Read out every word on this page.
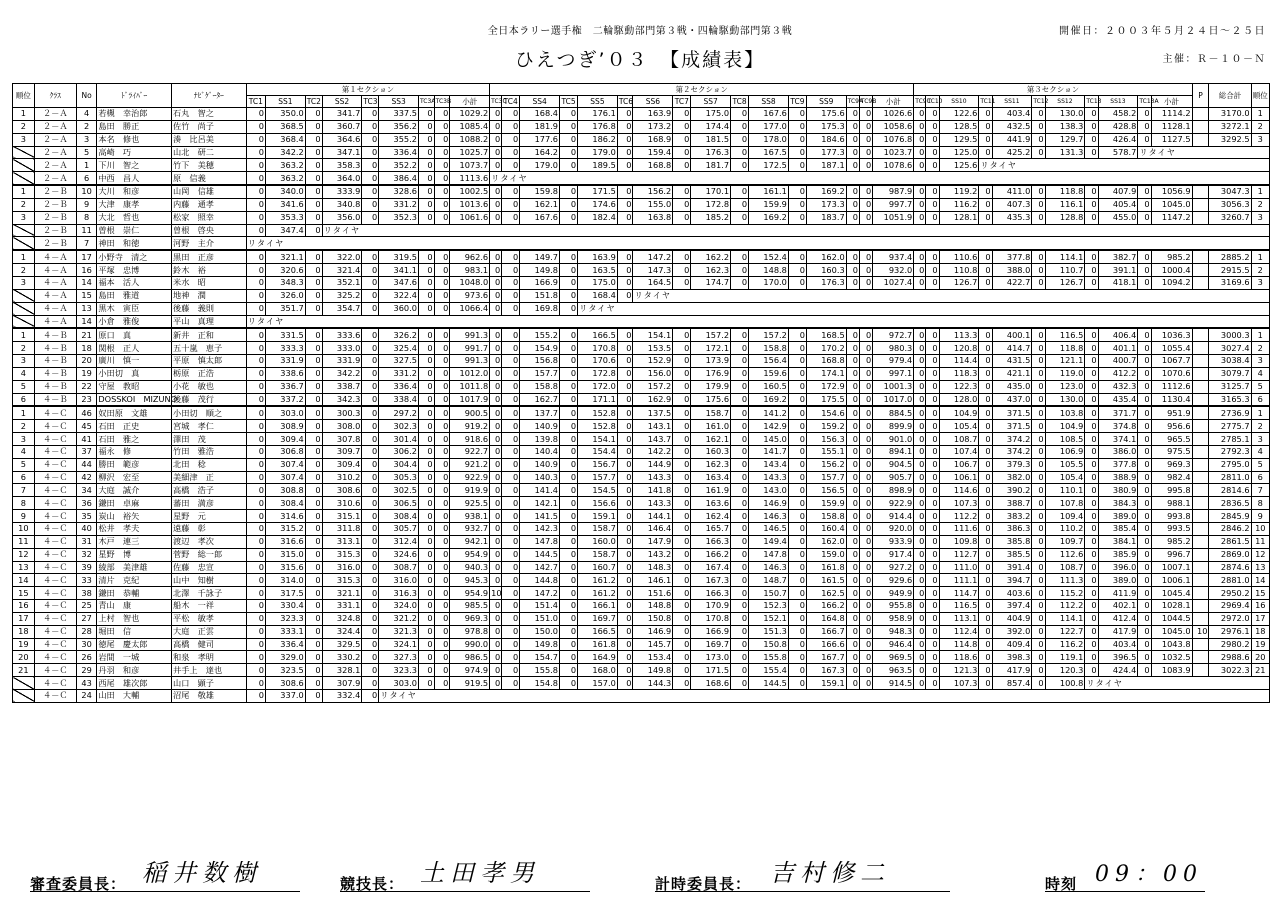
全日本ラリー選手権　二輪駆動部門第３戦・四輪駆動部門第３戦	開催日：２００３年５月２４日～２５日
ひえつぎ’０３　【成績表】	主催：Ｒ－１０－Ｎ
順位	ｸﾗｽ	No	ﾄﾞﾗｲﾊﾞｰ	ﾅﾋﾞｹﾞｰﾀｰ	第１セクション									第２セクション																第３セクション											P	総合計	順位
					TC1	SS1	TC2	SS2	TC3	SS3	TC3A	TC3B	小計	TC3C	TC4	SS4	TC5	SS5	TC6	SS6	TC7	SS7	TC8	SS8	TC9	SS9	TC9A	TC9B	小計	TC9C	TC10	SS10	TC11	SS11	TC12	SS12	TC13	SS13	TC13A	小計			
1	２－Ａ	4	若槻　幸治郎	石丸　智之	0	350.0	0	341.7	0	337.5	0	0	1029.2	0	0	168.4	0	176.1	0	163.9	0	175.0	0	167.6	0	175.6	0	0	1026.6	0	0	122.6	0	403.4	0	130.0	0	458.2	0	1114.2		3170.0	1
2	２－Ａ	2	島田　勝正	佐竹　尚子	0	368.5	0	360.7	0	356.2	0	0	1085.4	0	0	181.9	0	176.8	0	173.2	0	174.4	0	177.0	0	175.3	0	0	1058.6	0	0	128.5	0	432.5	0	138.3	0	428.8	0	1128.1		3272.1	2
3	２－Ａ	3	本名　修也	湊　比呂美	0	368.4	0	364.6	0	355.2	0	0	1088.2	0	0	177.6	0	186.2	0	168.9	0	181.5	0	178.0	0	184.6	0	0	1076.8	0	0	129.5	0	441.9	0	129.7	0	426.4	0	1127.5		3292.5	3
	２－Ａ	5	高崎　巧	山北　研二	0	342.2	0	347.1	0	336.4	0	0	1025.7	0	0	164.2	0	179.0	0	159.4	0	176.3	0	167.5	0	177.3	0	0	1023.7	0	0	125.0	0	425.2	0	131.3	0	578.7	リタイヤ				
	２－Ａ	1	下川　智之	竹下　美穂	0	363.2	0	358.3	0	352.2	0	0	1073.7	0	0	179.0	0	189.5	0	168.8	0	181.7	0	172.5	0	187.1	0	0	1078.6	0	0	125.6	リタイヤ										
	２－Ａ	6	中西　昌人	原　信義	0	363.2	0	364.0	0	386.4	0	0	1113.6	リタイヤ																													
1	２－Ｂ	10	大川　和彦	山岡　信雄	0	340.0	0	333.9	0	328.6	0	0	1002.5	0	0	159.8	0	171.5	0	156.2	0	170.1	0	161.1	0	169.2	0	0	987.9	0	0	119.2	0	411.0	0	118.8	0	407.9	0	1056.9		3047.3	1
2	２－Ｂ	9	大津　康孝	内藤　通孝	0	341.6	0	340.8	0	331.2	0	0	1013.6	0	0	162.1	0	174.6	0	155.0	0	172.8	0	159.9	0	173.3	0	0	997.7	0	0	116.2	0	407.3	0	116.1	0	405.4	0	1045.0		3056.3	2
3	２－Ｂ	8	大北　哲也	松家　照幸	0	353.3	0	356.0	0	352.3	0	0	1061.6	0	0	167.6	0	182.4	0	163.8	0	185.2	0	169.2	0	183.7	0	0	1051.9	0	0	128.1	0	435.3	0	128.8	0	455.0	0	1147.2		3260.7	3
	２－Ｂ	11	曽根　崇仁	曽根　啓央	0	347.4	0	リタイヤ																																			
	２－Ｂ	7	神田　和徳	河野　主介	リタイヤ																																						
1	４－Ａ	17	小野寺　清之	黒田　正彦	0	321.1	0	322.0	0	319.5	0	0	962.6	0	0	149.7	0	163.9	0	147.2	0	162.2	0	152.4	0	162.0	0	0	937.4	0	0	110.6	0	377.8	0	114.1	0	382.7	0	985.2		2885.2	1
2	４－Ａ	16	平塚　忠博	鈴木　裕	0	320.6	0	321.4	0	341.1	0	0	983.1	0	0	149.8	0	163.5	0	147.3	0	162.3	0	148.8	0	160.3	0	0	932.0	0	0	110.8	0	388.0	0	110.7	0	391.1	0	1000.4		2915.5	2
3	４－Ａ	14	福本　活人	米水　昭	0	348.3	0	352.1	0	347.6	0	0	1048.0	0	0	166.9	0	175.0	0	164.5	0	174.7	0	170.0	0	176.3	0	0	1027.4	0	0	126.7	0	422.7	0	126.7	0	418.1	0	1094.2		3169.6	3
	４－Ａ	15	島田　雅道	地神　潤	0	326.0	0	325.2	0	322.4	0	0	973.6	0	0	151.8	0	168.4	0	リタイヤ																							
	４－Ａ	13	黒木　寅臣	後藤　義則	0	351.7	0	354.7	0	360.0	0	0	1066.4	0	0	169.8	0	リタイヤ																									
	４－Ａ	14	小倉　雅俊	平山　真理	リタイヤ																																						
1	４－Ｂ	21	原口　真	新井　正和	0	331.5	0	333.6	0	326.2	0	0	991.3	0	0	155.2	0	166.5	0	154.1	0	157.2	0	157.2	0	168.5	0	0	972.7	0	0	113.3	0	400.1	0	116.5	0	406.4	0	1036.3		3000.3	1
2	４－Ｂ	18	関根　正人	五十嵐　恵子	0	333.3	0	333.0	0	325.4	0	0	991.7	0	0	154.9	0	170.8	0	153.5	0	172.1	0	158.8	0	170.2	0	0	980.3	0	0	120.8	0	414.7	0	118.8	0	401.1	0	1055.4		3027.4	2
3	４－Ｂ	20	廣川　慎一	平原　慎太郎	0	331.9	0	331.9	0	327.5	0	0	991.3	0	0	156.8	0	170.6	0	152.9	0	173.9	0	156.4	0	168.8	0	0	979.4	0	0	114.4	0	431.5	0	121.1	0	400.7	0	1067.7		3038.4	3
4	４－Ｂ	19	小田切　真	栃原　正浩	0	338.6	0	342.2	0	331.2	0	0	1012.0	0	0	157.7	0	172.8	0	156.0	0	176.9	0	159.6	0	174.1	0	0	997.1	0	0	118.3	0	421.1	0	119.0	0	412.2	0	1070.6		3079.7	4
5	４－Ｂ	22	守屋　教昭	小花　敏也	0	336.7	0	338.7	0	336.4	0	0	1011.8	0	0	158.8	0	172.0	0	157.2	0	179.9	0	160.5	0	172.9	0	0	1001.3	0	0	122.3	0	435.0	0	123.0	0	432.3	0	1112.6		3125.7	5
6	４－Ｂ	23	DOSSKOI　MIZUNO	後藤　茂行	0	337.2	0	342.3	0	338.4	0	0	1017.9	0	0	162.7	0	171.1	0	162.9	0	175.6	0	169.2	0	175.5	0	0	1017.0	0	0	128.0	0	437.0	0	130.0	0	435.4	0	1130.4		3165.3	6
1	４－Ｃ	46	奴田原　文雄	小田切　順之	0	303.0	0	300.3	0	297.2	0	0	900.5	0	0	137.7	0	152.8	0	137.5	0	158.7	0	141.2	0	154.6	0	0	884.5	0	0	104.9	0	371.5	0	103.8	0	371.7	0	951.9		2736.9	1
2	４－Ｃ	45	石田　正史	宮城　孝仁	0	308.9	0	308.0	0	302.3	0	0	919.2	0	0	140.9	0	152.8	0	143.1	0	161.0	0	142.9	0	159.2	0	0	899.9	0	0	105.4	0	371.5	0	104.9	0	374.8	0	956.6		2775.7	2
3	４－Ｃ	41	石田　雅之	澤田　茂	0	309.4	0	307.8	0	301.4	0	0	918.6	0	0	139.8	0	154.1	0	143.7	0	162.1	0	145.0	0	156.3	0	0	901.0	0	0	108.7	0	374.2	0	108.5	0	374.1	0	965.5		2785.1	3
4	４－Ｃ	37	福永　修	竹田　雅浩	0	306.8	0	309.7	0	306.2	0	0	922.7	0	0	140.4	0	154.4	0	142.2	0	160.3	0	141.7	0	155.1	0	0	894.1	0	0	107.4	0	374.2	0	106.9	0	386.0	0	975.5		2792.3	4
5	４－Ｃ	44	勝田　範彦	北田　稔	0	307.4	0	309.4	0	304.4	0	0	921.2	0	0	140.9	0	156.7	0	144.9	0	162.3	0	143.4	0	156.2	0	0	904.5	0	0	106.7	0	379.3	0	105.5	0	377.8	0	969.3		2795.0	5
6	４－Ｃ	42	柳沢　宏至	美細津　正	0	307.4	0	310.2	0	305.3	0	0	922.9	0	0	140.3	0	157.7	0	143.3	0	163.4	0	143.3	0	157.7	0	0	905.7	0	0	106.1	0	382.0	0	105.4	0	388.9	0	982.4		2811.0	6
7	４－Ｃ	34	大庭　誠介	高橋　浩子	0	308.8	0	308.6	0	302.5	0	0	919.9	0	0	141.4	0	154.5	0	141.8	0	161.9	0	143.0	0	156.5	0	0	898.9	0	0	114.6	0	390.2	0	110.1	0	380.9	0	995.8		2814.6	7
8	４－Ｃ	36	鎌田　卓麻	蕃田　満彦	0	308.4	0	310.6	0	306.5	0	0	925.5	0	0	142.1	0	156.6	0	143.3	0	163.6	0	146.9	0	159.9	0	0	922.9	0	0	107.3	0	388.7	0	107.8	0	384.3	0	988.1		2836.5	8
9	４－Ｃ	35	炭山　裕矢	星野　元	0	314.6	0	315.1	0	308.4	0	0	938.1	0	0	141.5	0	159.1	0	144.1	0	162.4	0	146.3	0	158.8	0	0	914.4	0	0	112.2	0	383.2	0	109.4	0	389.0	0	993.8		2845.9	9
10	４－Ｃ	40	松井　孝夫	遠藤　彰	0	315.2	0	311.8	0	305.7	0	0	932.7	0	0	142.3	0	158.7	0	146.4	0	165.7	0	146.5	0	160.4	0	0	920.0	0	0	111.6	0	386.3	0	110.2	0	385.4	0	993.5		2846.2	10
11	４－Ｃ	31	木戸　連三	渡辺　孝次	0	316.6	0	313.1	0	312.4	0	0	942.1	0	0	147.8	0	160.0	0	147.9	0	166.3	0	149.4	0	162.0	0	0	933.9	0	0	109.8	0	385.8	0	109.7	0	384.1	0	985.2		2861.5	11
12	４－Ｃ	32	星野　博	菅野　総一郎	0	315.0	0	315.3	0	324.6	0	0	954.9	0	0	144.5	0	158.7	0	143.2	0	166.2	0	147.8	0	159.0	0	0	917.4	0	0	112.7	0	385.5	0	112.6	0	385.9	0	996.7		2869.0	12
13	４－Ｃ	39	綾部　美津雄	佐藤　忠宣	0	315.6	0	316.0	0	308.7	0	0	940.3	0	0	142.7	0	160.7	0	148.3	0	167.4	0	146.3	0	161.8	0	0	927.2	0	0	111.0	0	391.4	0	108.7	0	396.0	0	1007.1		2874.6	13
14	４－Ｃ	33	清片　克紀	山中　知樹	0	314.0	0	315.3	0	316.0	0	0	945.3	0	0	144.8	0	161.2	0	146.1	0	167.3	0	148.7	0	161.5	0	0	929.6	0	0	111.1	0	394.7	0	111.3	0	389.0	0	1006.1		2881.0	14
15	４－Ｃ	38	鎌田　恭輔	北澤　千詠子	0	317.5	0	321.1	0	316.3	0	0	954.9	10	0	147.2	0	161.2	0	151.6	0	166.3	0	150.7	0	162.5	0	0	949.9	0	0	114.7	0	403.6	0	115.2	0	411.9	0	1045.4		2950.2	15
16	４－Ｃ	25	青山　康	船木　一祥	0	330.4	0	331.1	0	324.0	0	0	985.5	0	0	151.4	0	166.1	0	148.8	0	170.9	0	152.3	0	166.2	0	0	955.8	0	0	116.5	0	397.4	0	112.2	0	402.1	0	1028.1		2969.4	16
17	４－Ｃ	27	上村　智也	平松　敏孝	0	323.3	0	324.8	0	321.2	0	0	969.3	0	0	151.0	0	169.7	0	150.8	0	170.8	0	152.1	0	164.8	0	0	958.9	0	0	113.1	0	404.9	0	114.1	0	412.4	0	1044.5		2972.0	17
18	４－Ｃ	28	堀田　信	大庭　正雲	0	333.1	0	324.4	0	321.3	0	0	978.8	0	0	150.0	0	166.5	0	146.9	0	166.9	0	151.3	0	166.7	0	0	948.3	0	0	112.4	0	392.0	0	122.7	0	417.9	0	1045.0	10	2976.1	18
19	４－Ｃ	30	徳尾　慶太郎	高橋　健司	0	336.4	0	329.5	0	324.1	0	0	990.0	0	0	149.8	0	161.8	0	145.7	0	169.7	0	150.8	0	166.6	0	0	946.4	0	0	114.8	0	409.4	0	116.2	0	403.4	0	1043.8		2980.2	19
20	４－Ｃ	26	岩間　一城	和泉　孝明	0	329.0	0	330.2	0	327.3	0	0	986.5	0	0	154.7	0	164.9	0	153.4	0	173.0	0	155.8	0	167.7	0	0	969.5	0	0	118.6	0	398.3	0	119.1	0	396.5	0	1032.5		2988.6	20
21	４－Ｃ	29	丹羽　和彦	井手上　達也	0	323.5	0	328.1	0	323.3	0	0	974.9	0	0	155.8	0	168.0	0	149.8	0	171.5	0	155.4	0	167.3	0	0	963.5	0	0	121.3	0	417.9	0	120.3	0	424.4	0	1083.9		3022.3	21
	４－Ｃ	43	西尾　雄次郎	山口　顕子	0	308.6	0	307.9	0	303.0	0	0	919.5	0	0	154.8	0	157.0	0	144.3	0	168.6	0	144.5	0	159.1	0	0	914.5	0	0	107.3	0	857.4	0	100.8	リタイヤ						
	４－Ｃ	24	山田　大輔	沼尾　敬雄	0	337.0	0	332.4	0	リタイヤ																																	
審査委員長： 稲井数樹	競技長： 土田孝男	計時委員長： 吉村修二	時刻 09：00
